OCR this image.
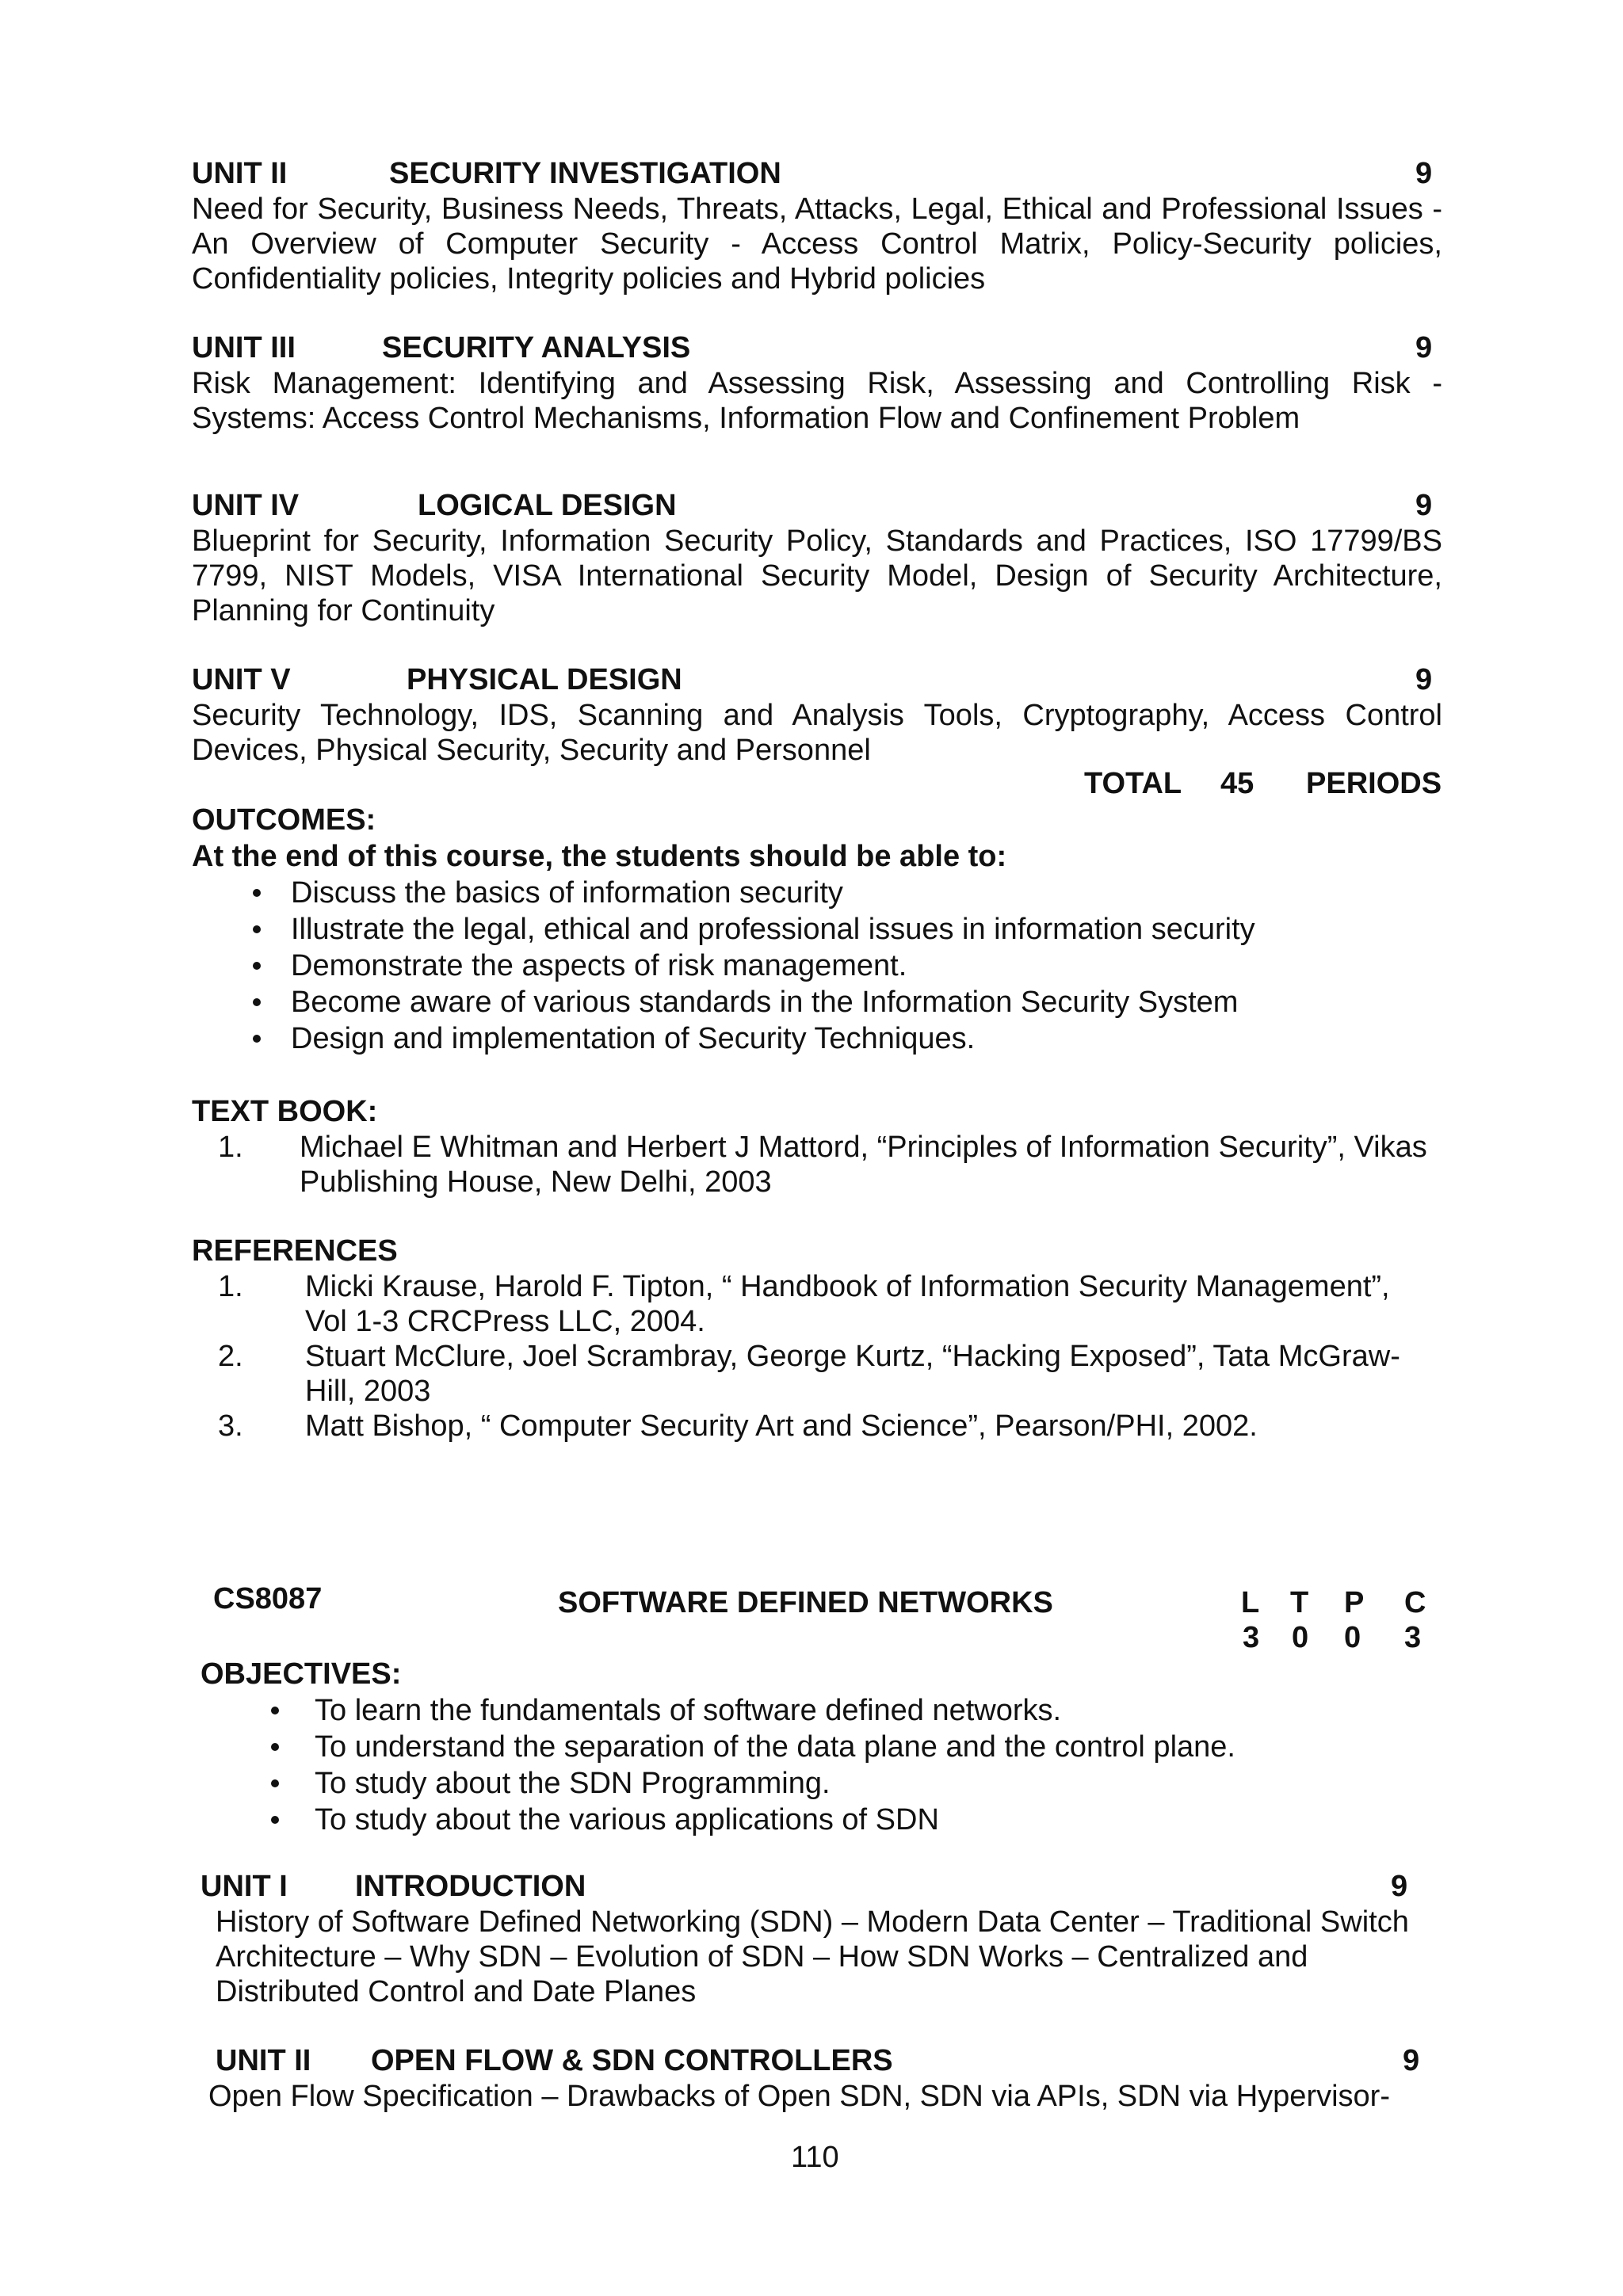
UNIT II	SECURITY INVESTIGATION	9
Need for Security, Business Needs, Threats, Attacks, Legal, Ethical and Professional Issues -
An Overview of Computer Security - Access Control Matrix, Policy-Security policies,
Confidentiality policies, Integrity policies and Hybrid policies
UNIT III	SECURITY ANALYSIS	9
Risk Management: Identifying and Assessing Risk, Assessing and Controlling Risk -
Systems: Access Control Mechanisms, Information Flow and Confinement Problem
UNIT IV	LOGICAL DESIGN	9
Blueprint for Security, Information Security Policy, Standards and Practices, ISO 17799/BS
7799, NIST Models, VISA International Security Model, Design of Security Architecture,
Planning for Continuity
UNIT V	PHYSICAL DESIGN	9
Security Technology, IDS, Scanning and Analysis Tools, Cryptography, Access Control
Devices, Physical Security, Security and Personnel
TOTAL 45 PERIODS
OUTCOMES:
At the end of this course, the students should be able to:
Discuss the basics of information security
Illustrate the legal, ethical and professional issues in information security
Demonstrate the aspects of risk management.
Become aware of various standards in the Information Security System
Design and implementation of Security Techniques.
TEXT BOOK:
1.	Michael E Whitman and Herbert J Mattord, “Principles of Information Security”, Vikas
Publishing House, New Delhi, 2003
REFERENCES
1.	Micki Krause, Harold F. Tipton, “ Handbook of Information Security Management”,
Vol 1-3 CRCPress LLC, 2004.
2.	Stuart McClure, Joel Scrambray, George Kurtz, “Hacking Exposed”, Tata McGraw-
Hill, 2003
3.	Matt Bishop, “ Computer Security Art and Science”, Pearson/PHI, 2002.
CS8087	SOFTWARE DEFINED NETWORKS	L T P C
3 0 0 3
OBJECTIVES:
To learn the fundamentals of software defined networks.
To understand the separation of the data plane and the control plane.
To study about the SDN Programming.
To study about the various applications of SDN
UNIT I INTRODUCTION	9
History of Software Defined Networking (SDN) – Modern Data Center – Traditional Switch
Architecture – Why SDN – Evolution of SDN – How SDN Works – Centralized and
Distributed Control and Date Planes
UNIT II OPEN FLOW & SDN CONTROLLERS	9
Open Flow Specification – Drawbacks of Open SDN, SDN via APIs, SDN via Hypervisor-
110
